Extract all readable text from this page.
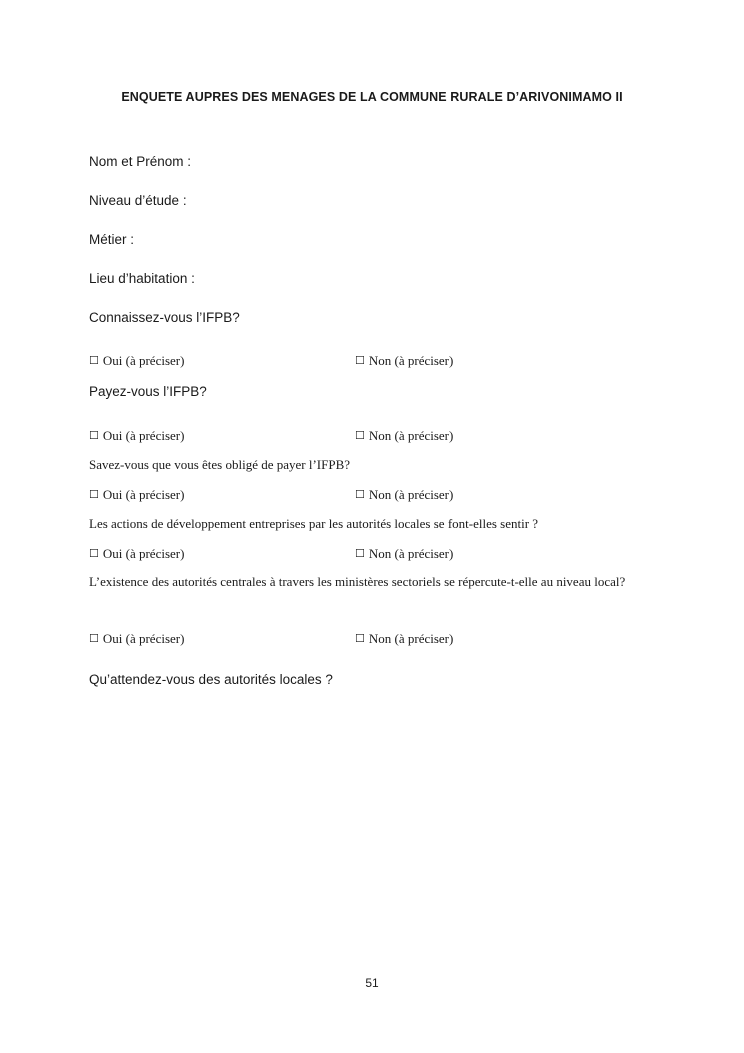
ENQUETE AUPRES DES MENAGES DE LA COMMUNE RURALE D’ARIVONIMAMO II
Nom et Prénom :
Niveau d’étude :
Métier :
Lieu d’habitation :
Connaissez-vous l’IFPB?
☐ Oui (à préciser)	☐ Non (à préciser)
Payez-vous l’IFPB?
☐ Oui (à préciser)	☐ Non (à préciser)
Savez-vous que vous êtes obligé de payer l’IFPB?
☐ Oui (à préciser)	☐ Non (à préciser)
Les actions de développement entreprises par les autorités locales se font-elles sentir ?
☐ Oui (à préciser)	☐ Non (à préciser)
L’existence des autorités centrales à travers les ministères sectoriels se répercute-t-elle au niveau local?
☐ Oui (à préciser)	☐ Non (à préciser)
Qu’attendez-vous des autorités locales ?
51
